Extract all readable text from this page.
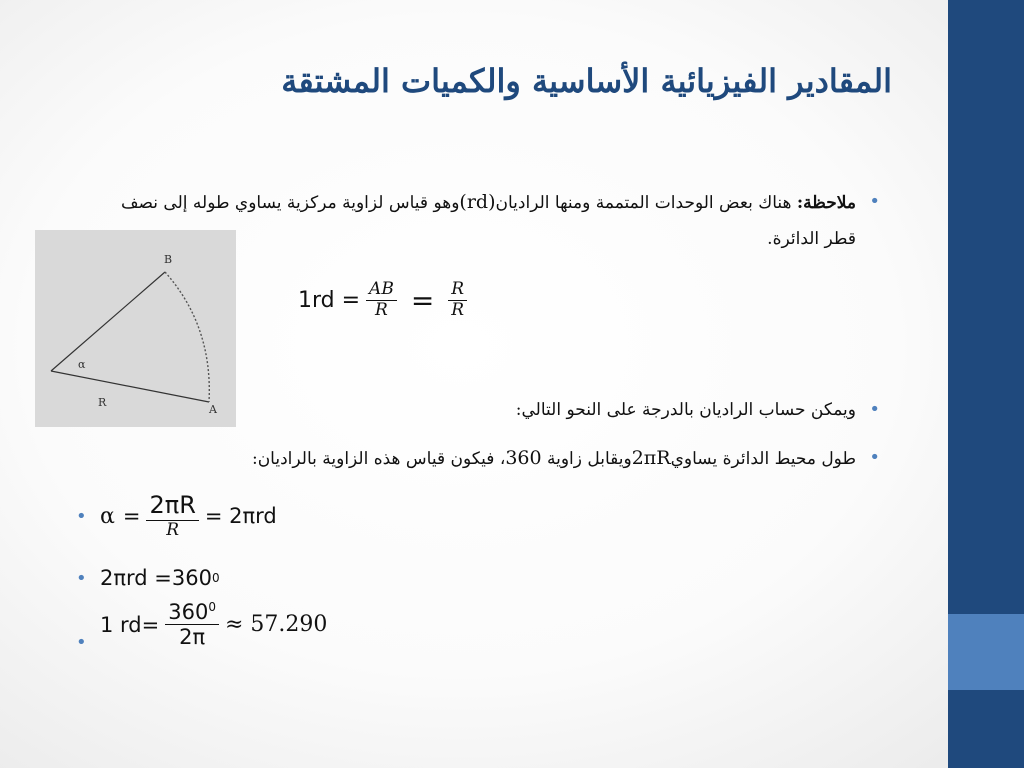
المقادير الفيزيائية الأساسية والكميات المشتقة
•
ملاحظة: هناك بعض الوحدات المتممة ومنها الراديان(rd)وهو قياس لزاوية مركزية يساوي طوله إلى نصف قطر الدائرة.
B
A
R
α
$1rd = \frac{AB}{R} = \frac{R}{R}$
•
ويمكن حساب الراديان بالدرجة على النحو التالي:
•
طول محيط الدائرة يساوي2πRويقابل زاوية 360، فيكون قياس هذه الزاوية بالراديان:
• $\alpha = \frac{2\pi R}{R} = 2\pi rd$
• 2πrd =360 0
•
1 $rd= \frac{360^0}{2\pi} \approx 57.290$
